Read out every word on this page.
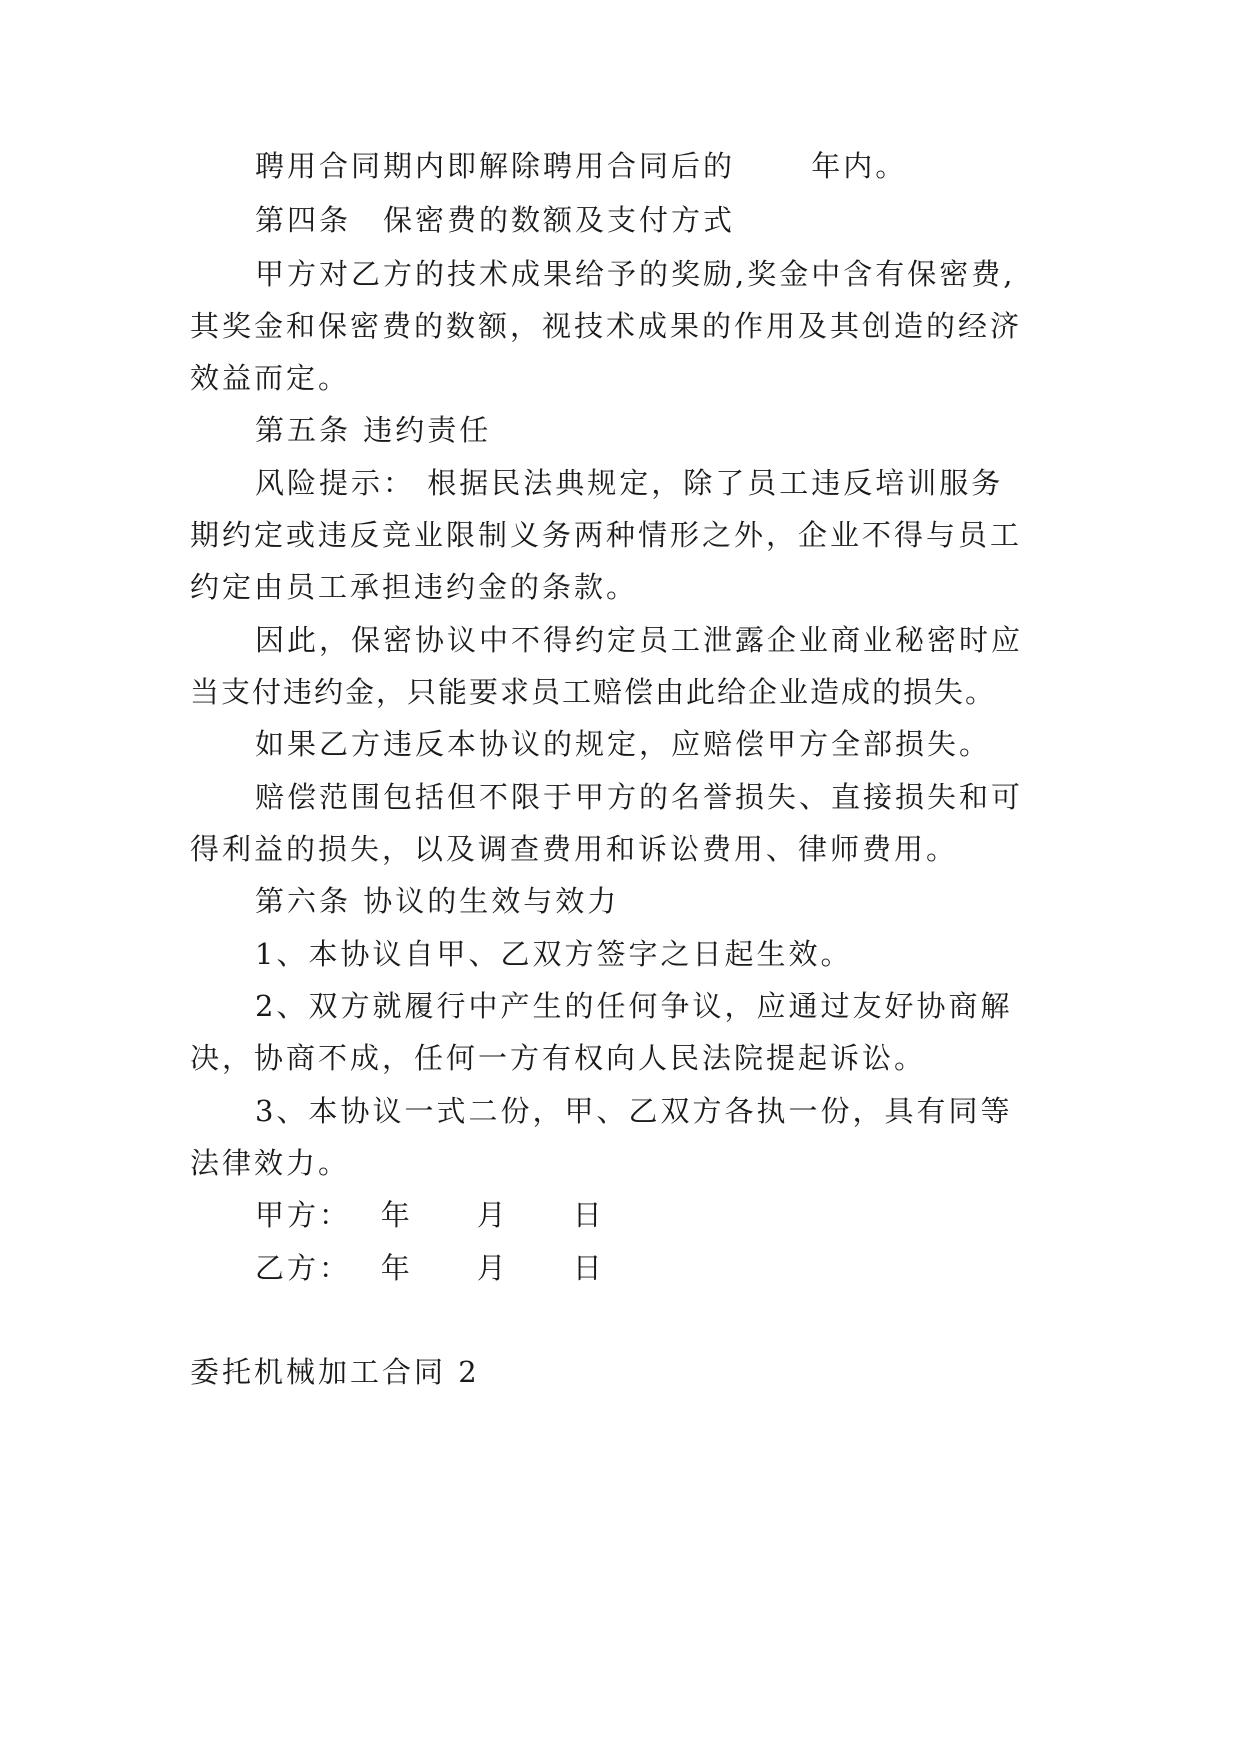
聘用合同期内即解除聘用合同后的　　 年内。
第四条　保密费的数额及支付方式
甲方对乙方的技术成果给予的奖励,奖金中含有保密费,
其奖金和保密费的数额，视技术成果的作用及其创造的经济
效益而定。
第五条 违约责任
风险提示： 根据民法典规定，除了员工违反培训服务
期约定或违反竞业限制义务两种情形之外，企业不得与员工
约定由员工承担违约金的条款。
因此，保密协议中不得约定员工泄露企业商业秘密时应
当支付违约金，只能要求员工赔偿由此给企业造成的损失。
如果乙方违反本协议的规定，应赔偿甲方全部损失。
赔偿范围包括但不限于甲方的名誉损失、直接损失和可
得利益的损失，以及调查费用和诉讼费用、律师费用。
第六条 协议的生效与效力
1、本协议自甲、乙双方签字之日起生效。
2、双方就履行中产生的任何争议，应通过友好协商解
决，协商不成，任何一方有权向人民法院提起诉讼。
3、本协议一式二份，甲、乙双方各执一份，具有同等
法律效力。
甲方：　 年　　月　　日
乙方：　 年　　月　　日
委托机械加工合同 2
